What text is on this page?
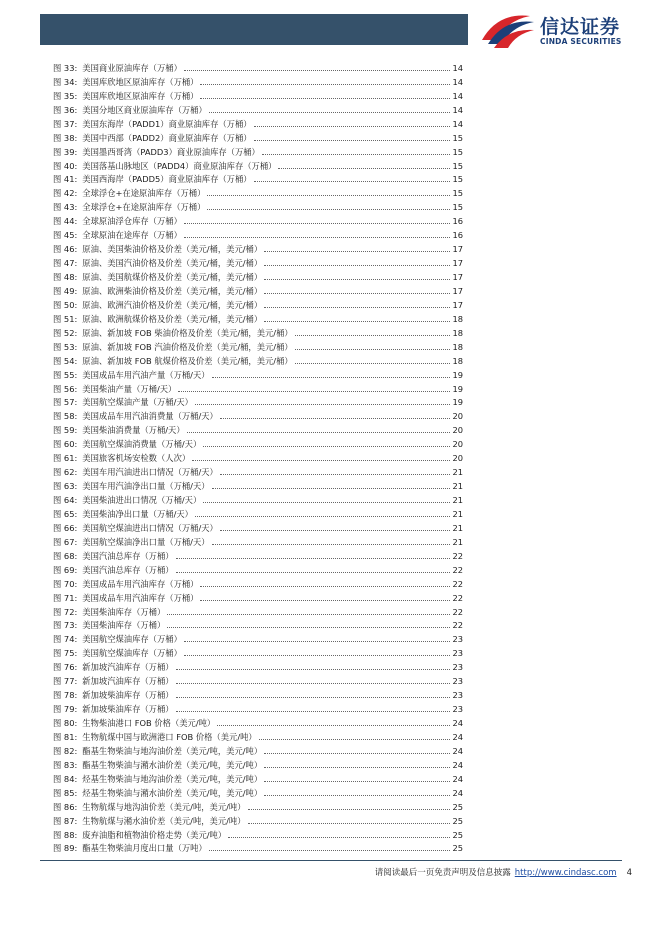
信达证券
CINDA SECURITIES
图 33: 美国商业原油库存（万桶）	14
图 34: 美国库欣地区原油库存（万桶）	14
图 35: 美国库欣地区原油库存（万桶）	14
图 36: 美国分地区商业原油库存（万桶）	14
图 37: 美国东海岸（PADD1）商业原油库存（万桶）	14
图 38: 美国中西部（PADD2）商业原油库存（万桶）	15
图 39: 美国墨西哥湾（PADD3）商业原油库存（万桶）	15
图 40: 美国落基山脉地区（PADD4）商业原油库存（万桶）	15
图 41: 美国西海岸（PADD5）商业原油库存（万桶）	15
图 42: 全球浮仓+在途原油库存（万桶）	15
图 43: 全球浮仓+在途原油库存（万桶）	15
图 44: 全球原油浮仓库存（万桶）	16
图 45: 全球原油在途库存（万桶）	16
图 46: 原油、美国柴油价格及价差（美元/桶，美元/桶）	17
图 47: 原油、美国汽油价格及价差（美元/桶，美元/桶）	17
图 48: 原油、美国航煤价格及价差（美元/桶，美元/桶）	17
图 49: 原油、欧洲柴油价格及价差（美元/桶，美元/桶）	17
图 50: 原油、欧洲汽油价格及价差（美元/桶，美元/桶）	17
图 51: 原油、欧洲航煤价格及价差（美元/桶，美元/桶）	18
图 52: 原油、新加坡 FOB 柴油价格及价差（美元/桶，美元/桶）	18
图 53: 原油、新加坡 FOB 汽油价格及价差（美元/桶，美元/桶）	18
图 54: 原油、新加坡 FOB 航煤价格及价差（美元/桶，美元/桶）	18
图 55: 美国成品车用汽油产量（万桶/天）	19
图 56: 美国柴油产量（万桶/天）	19
图 57: 美国航空煤油产量（万桶/天）	19
图 58: 美国成品车用汽油消费量（万桶/天）	20
图 59: 美国柴油消费量（万桶/天）	20
图 60: 美国航空煤油消费量（万桶/天）	20
图 61: 美国旅客机场安检数（人次）	20
图 62: 美国车用汽油进出口情况（万桶/天）	21
图 63: 美国车用汽油净出口量（万桶/天）	21
图 64: 美国柴油进出口情况（万桶/天）	21
图 65: 美国柴油净出口量（万桶/天）	21
图 66: 美国航空煤油进出口情况（万桶/天）	21
图 67: 美国航空煤油净出口量（万桶/天）	21
图 68: 美国汽油总库存（万桶）	22
图 69: 美国汽油总库存（万桶）	22
图 70: 美国成品车用汽油库存（万桶）	22
图 71: 美国成品车用汽油库存（万桶）	22
图 72: 美国柴油库存（万桶）	22
图 73: 美国柴油库存（万桶）	22
图 74: 美国航空煤油库存（万桶）	23
图 75: 美国航空煤油库存（万桶）	23
图 76: 新加坡汽油库存（万桶）	23
图 77: 新加坡汽油库存（万桶）	23
图 78: 新加坡柴油库存（万桶）	23
图 79: 新加坡柴油库存（万桶）	23
图 80: 生物柴油港口 FOB 价格（美元/吨）	24
图 81: 生物航煤中国与欧洲港口 FOB 价格（美元/吨）	24
图 82: 酯基生物柴油与地沟油价差（美元/吨，美元/吨）	24
图 83: 酯基生物柴油与潲水油价差（美元/吨，美元/吨）	24
图 84: 烃基生物柴油与地沟油价差（美元/吨，美元/吨）	24
图 85: 烃基生物柴油与潲水油价差（美元/吨，美元/吨）	24
图 86: 生物航煤与地沟油价差（美元/吨，美元/吨）	25
图 87: 生物航煤与潲水油价差（美元/吨，美元/吨）	25
图 88: 废弃油脂和植物油价格走势（美元/吨）	25
图 89: 酯基生物柴油月度出口量（万吨）	25
请阅读最后一页免责声明及信息披露 http://www.cindasc.com 4
